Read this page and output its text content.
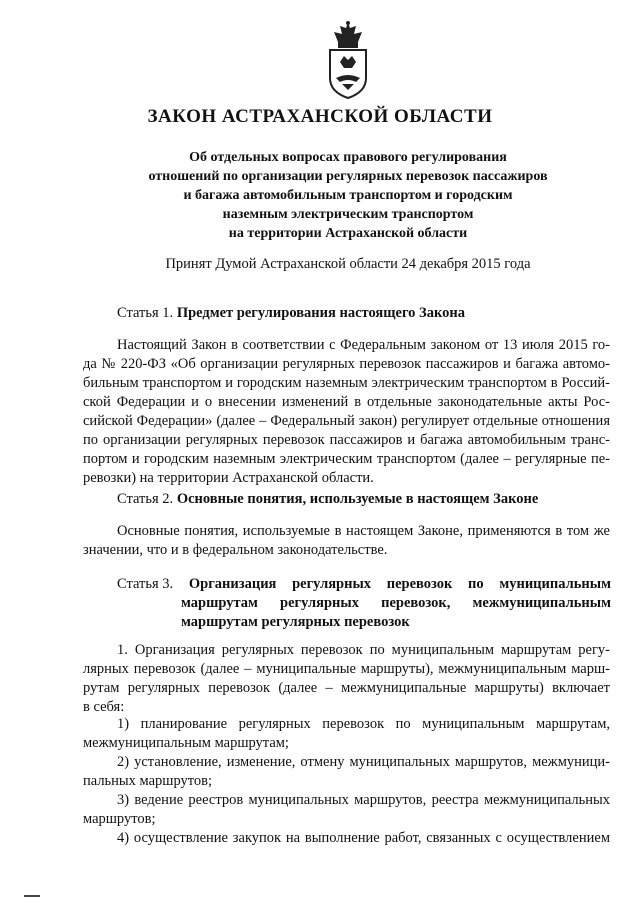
ЗАКОН АСТРАХАНСКОЙ ОБЛАСТИ
Об отдельных вопросах правового регулирования
отношений по организации регулярных перевозок пассажиров
и багажа автомобильным транспортом и городским
наземным электрическим транспортом
на территории Астраханской области
Принят Думой Астраханской области 24 декабря 2015 года
Статья 1. Предмет регулирования настоящего Закона
Настоящий Закон в соответствии с Федеральным законом от 13 июля 2015 го-
да № 220-ФЗ «Об организации регулярных перевозок пассажиров и багажа автомо-
бильным транспортом и городским наземным электрическим транспортом в Россий-
ской Федерации и о внесении изменений в отдельные законодательные акты Рос-
сийской Федерации» (далее – Федеральный закон) регулирует отдельные отношения
по организации регулярных перевозок пассажиров и багажа автомобильным транс-
портом и городским наземным электрическим транспортом (далее – регулярные пе-
ревозки) на территории Астраханской области.
Статья 2. Основные понятия, используемые в настоящем Законе
Основные понятия, используемые в настоящем Законе, применяются в том же
значении, что и в федеральном законодательстве.
Статья 3. Организация регулярных перевозок по муниципальным
маршрутам регулярных перевозок, межмуниципальным
маршрутам регулярных перевозок
1. Организация регулярных перевозок по муниципальным маршрутам регу-
лярных перевозок (далее – муниципальные маршруты), межмуниципальным марш-
рутам регулярных перевозок (далее – межмуниципальные маршруты) включает
в себя:
1) планирование регулярных перевозок по муниципальным маршрутам,
межмуниципальным маршрутам;
2) установление, изменение, отмену муниципальных маршрутов, межмуници-
пальных маршрутов;
3) ведение реестров муниципальных маршрутов, реестра межмуниципальных
маршрутов;
4) осуществление закупок на выполнение работ, связанных с осуществлением
